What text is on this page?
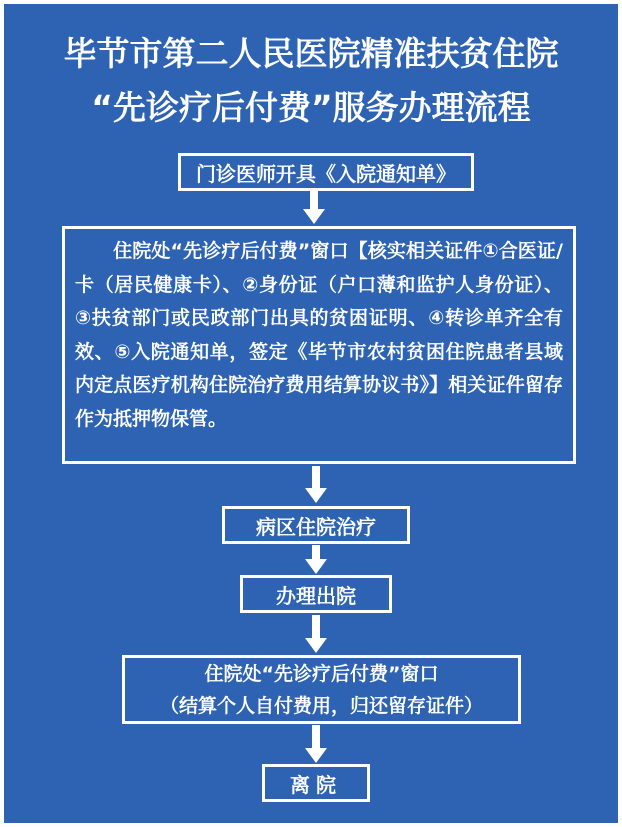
毕节市第二人民医院精准扶贫住院
“先诊疗后付费”服务办理流程
门诊医师开具《入院通知单》
住院处“先诊疗后付费”窗口【核实相关证件①合医证/卡（居民健康卡）、②身份证（户口薄和监护人身份证）、③扶贫部门或民政部门出具的贫困证明、④转诊单齐全有效、⑤入院通知单，签定《毕节市农村贫困住院患者县域内定点医疗机构住院治疗费用结算协议书》】相关证件留存作为抵押物保管。
病区住院治疗
办理出院
住院处“先诊疗后付费”窗口
（结算个人自付费用，归还留存证件）
离院
